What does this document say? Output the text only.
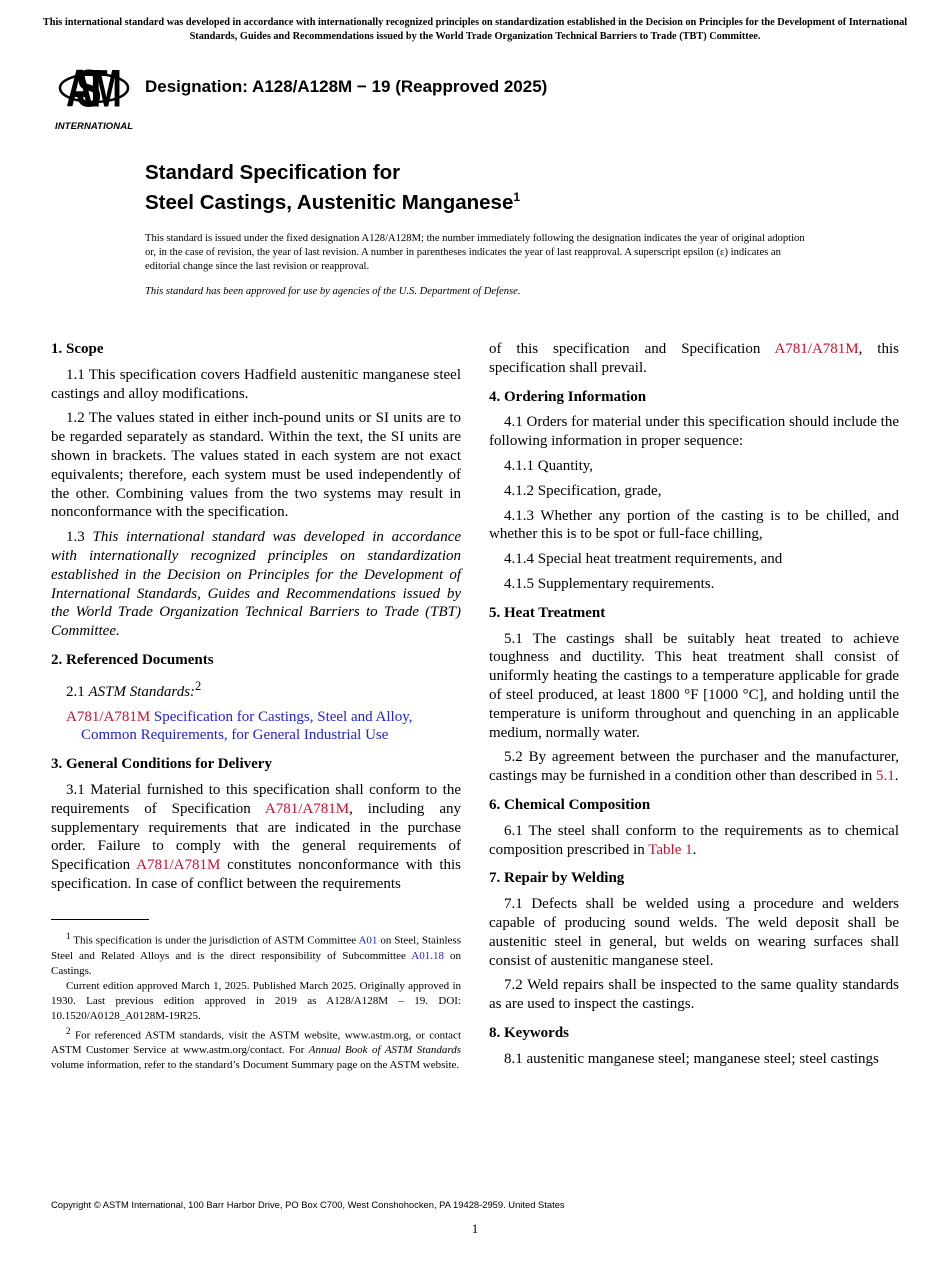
This international standard was developed in accordance with internationally recognized principles on standardization established in the Decision on Principles for the Development of International Standards, Guides and Recommendations issued by the World Trade Organization Technical Barriers to Trade (TBT) Committee.
ASTM
INTERNATIONAL
Designation: A128/A128M − 19 (Reapproved 2025)
Standard Specification for
Steel Castings, Austenitic Manganese$^1$
This standard is issued under the fixed designation A128/A128M; the number immediately following the designation indicates the year of original adoption or, in the case of revision, the year of last revision. A number in parentheses indicates the year of last reapproval. A superscript epsilon (ε) indicates an editorial change since the last revision or reapproval.
This standard has been approved for use by agencies of the U.S. Department of Defense.
1. Scope

1.1 This specification covers Hadfield austenitic manganese steel castings and alloy modifications.

1.2 The values stated in either inch-pound units or SI units are to be regarded separately as standard. Within the text, the SI units are shown in brackets. The values stated in each system are not exact equivalents; therefore, each system must be used independently of the other. Combining values from the two systems may result in nonconformance with the specification.

1.3 This international standard was developed in accordance with internationally recognized principles on standardization established in the Decision on Principles for the Development of International Standards, Guides and Recommendations issued by the World Trade Organization Technical Barriers to Trade (TBT) Committee.

2. Referenced Documents

2.1 ASTM Standards:$^2$

A781/A781M Specification for Castings, Steel and Alloy, Common Requirements, for General Industrial Use

3. General Conditions for Delivery

3.1 Material furnished to this specification shall conform to the requirements of Specification A781/A781M, including any supplementary requirements that are indicated in the purchase order. Failure to comply with the general requirements of Specification A781/A781M constitutes nonconformance with this specification. In case of conflict between the requirements

$^1$ This specification is under the jurisdiction of ASTM Committee A01 on Steel, Stainless Steel and Related Alloys and is the direct responsibility of Subcommittee A01.18 on Castings.

Current edition approved March 1, 2025. Published March 2025. Originally approved in 1930. Last previous edition approved in 2019 as A128/A128M – 19. DOI: 10.1520/A0128_A0128M-19R25.

$^2$ For referenced ASTM standards, visit the ASTM website, www.astm.org, or contact ASTM Customer Service at www.astm.org/contact. For Annual Book of ASTM Standards volume information, refer to the standard’s Document Summary page on the ASTM website.

of this specification and Specification A781/A781M, this specification shall prevail.

4. Ordering Information

4.1 Orders for material under this specification should include the following information in proper sequence:

4.1.1 Quantity,

4.1.2 Specification, grade,

4.1.3 Whether any portion of the casting is to be chilled, and whether this is to be spot or full-face chilling,

4.1.4 Special heat treatment requirements, and

4.1.5 Supplementary requirements.

5. Heat Treatment

5.1 The castings shall be suitably heat treated to achieve toughness and ductility. This heat treatment shall consist of uniformly heating the castings to a temperature applicable for grade of steel produced, at least 1800 °F [1000 °C], and holding until the temperature is uniform throughout and quenching in an applicable medium, normally water.

5.2 By agreement between the purchaser and the manufacturer, castings may be furnished in a condition other than described in 5.1.

6. Chemical Composition

6.1 The steel shall conform to the requirements as to chemical composition prescribed in Table 1.

7. Repair by Welding

7.1 Defects shall be welded using a procedure and welders capable of producing sound welds. The weld deposit shall be austenitic steel in general, but welds on wearing surfaces shall consist of austenitic manganese steel.

7.2 Weld repairs shall be inspected to the same quality standards as are used to inspect the castings.

8. Keywords

8.1 austenitic manganese steel; manganese steel; steel castings

Copyright © ASTM International, 100 Barr Harbor Drive, PO Box C700, West Conshohocken, PA 19428-2959. United States
1
